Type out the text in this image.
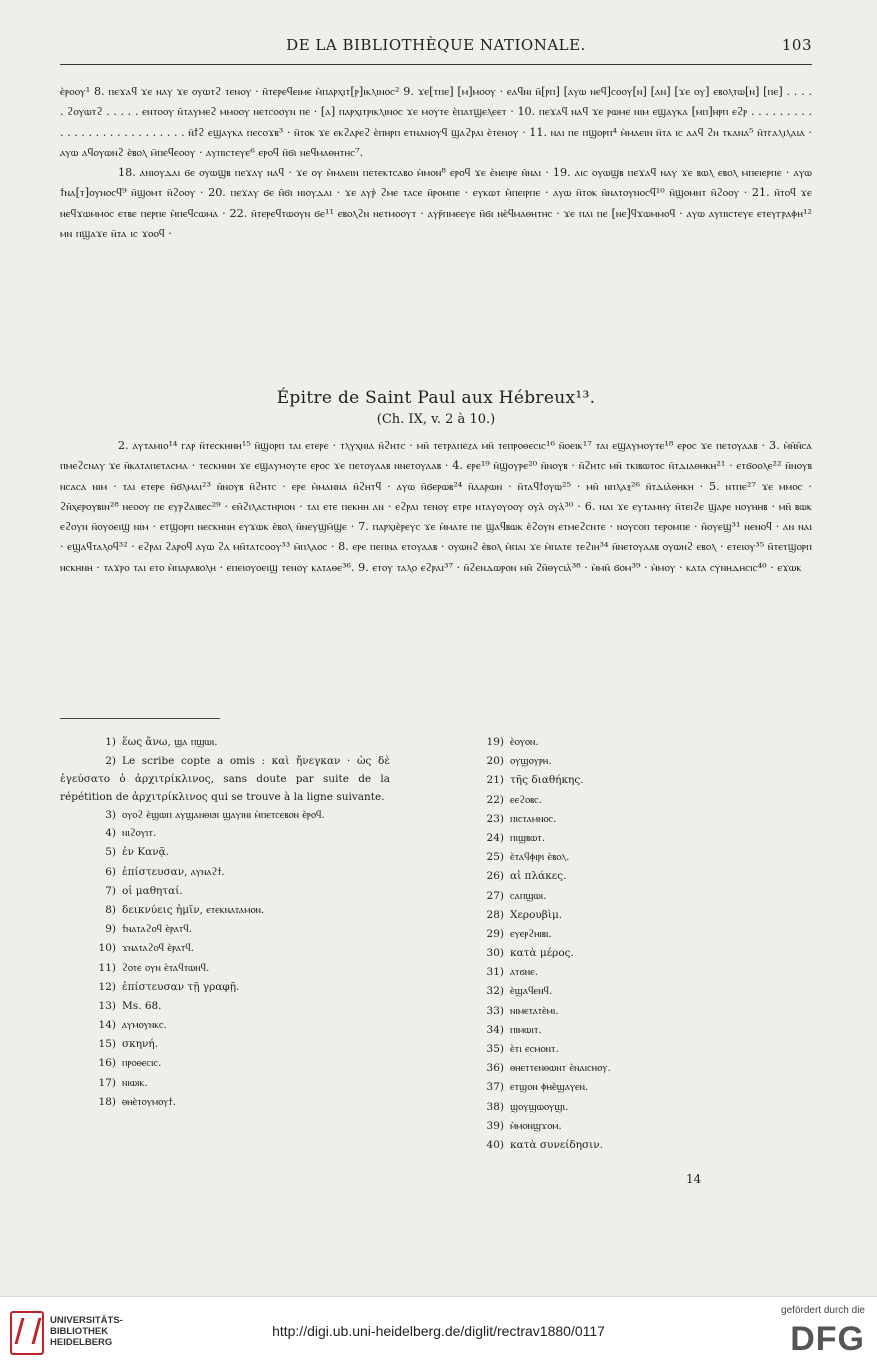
DE LA BIBLIOTHÈQUE NATIONALE.	103

ⲉ̀ⲣⲟⲟⲩ¹ 8. ⲡⲉϫⲁϥ ϫⲉ ⲛⲁⲩ ϫⲉ ⲟⲩⲱⲧϩ ⲧⲉⲛⲟⲩ · ⲛ̄ⲧⲉⲣⲉϥⲉⲓⲙⲉ ⲙ̀ⲡⲁⲣⲭⲓⲧ[ⲣ]ⲓⲕⲗⲓⲛⲟⲥ² 9. ϫⲉ[ⲧⲡⲉ] [ⲙ]ⲙⲟⲟⲩ · ⲉⲁϥⲛⲓ ⲛ̄[ⲣⲡ] [ⲁⲩⲱ ⲛⲉϥ]ⲥⲟⲟⲩ[ⲛ] [ⲁⲛ] [ϫⲉ ⲟⲩ] ⲉⲃⲟⲗⲧⲱ[ⲛ] [ⲡⲉ] . . . . . ϩⲟⲩⲱⲧϩ . . . . . ⲉⲛⲧⲟⲟⲩ ⲛ̄ⲧⲁⲩⲙⲉϩ ⲙⲙⲟⲟⲩ ⲛⲉⲧⲥⲟⲟⲩⲛ ⲡⲉ · [ⲁ] ⲡⲁⲣⲭⲓⲧⲣⲓⲕⲗⲓⲛⲟⲥ ϫⲉ ⲙⲟⲩⲧⲉ ⲉ̀ⲡⲁⲧϣⲉⲗⲉⲉⲧ · 10. ⲡⲉϫⲁϥ ⲛⲁϥ ϫⲉ ⲣⲱⲙⲉ ⲛⲓⲙ ⲉϣⲁⲩⲕⲁ [ⲙⲡ]ⲏⲣⲡ ⲉϩⲣ . . . . . . . . . . . . . . . . . . . . . . . . . . . ⲛ̄ϯϩ ⲉϣⲁⲩⲕⲁ ⲡⲉⲥⲟϫⲃ³ · ⲛ̄ⲧⲟⲕ ϫⲉ ⲉⲕϩⲁⲣⲉϩ ⲉ̀ⲡⲏⲣⲡ ⲉⲧⲛⲁⲛⲟⲩϥ ϣⲁϩⲣⲁⲓ ⲉ̀ⲧⲉⲛⲟⲩ · 11. ⲛⲁⲓ ⲡⲉ ⲡϣⲟⲣⲡ⁴ ⲙ̀ⲙⲁⲉⲓⲛ ⲛ̄ⲧⲁ ⲓⲥ ⲁⲁϥ ϩⲛ ⲧⲕⲁⲛⲁ⁵ ⲛ̄ⲧⲅⲁⲗⲓⲗⲁⲓⲁ · ⲁⲩⲱ ⲁϥⲟⲩⲱⲛϩ ⲉ̀ⲃⲟⲗ ⲙ̄ⲡⲉϥⲉⲟⲟⲩ · ⲁⲩⲡⲓⲥⲧⲉⲩⲉ⁶ ⲉⲣⲟϥ ⲛ̄ϭⲓ ⲛⲉϥⲙⲁⲑⲏⲧⲏⲥ⁷.

18. ⲁⲛⲓⲟⲩⲇⲁⲓ ϭⲉ ⲟⲩⲱϣⲃ ⲡⲉϫⲁⲩ ⲛⲁϥ · ϫⲉ ⲟⲩ ⲙ̀ⲙⲁⲉⲓⲛ ⲡⲉⲧⲉⲕⲧⲥⲁⲃⲟ ⲙ̀ⲙⲟⲛ⁸ ⲉⲣⲟϥ ϫⲉ ⲉ̀ⲛⲉⲓⲣⲉ ⲛ̄ⲛⲁⲓ · 19. ⲁⲓⲥ ⲟⲩⲱϣⲃ ⲡⲉϫⲁϥ ⲛⲁⲩ ϫⲉ ⲃⲱⲗ ⲉⲃⲟⲗ ⲙⲡⲉⲓⲉⲣⲡⲉ · ⲁⲩⲱ ϯⲛⲁ[ⲧ]ⲟⲩⲛⲟⲥϥ⁹ ⲛ̄ϣⲟⲙⲧ ⲛ̄ϩⲟⲟⲩ · 20. ⲡⲉϫⲁⲩ ϭⲉ ⲛ̄ϭⲓ ⲛⲓⲟⲩⲇⲁⲓ · ϫⲉ ⲁⲩⲣ̀ ϩⲙⲉ ⲧⲁⲥⲉ ⲛ̄ⲣⲟⲙⲡⲉ · ⲉⲩⲕⲱⲧ ⲙ̀ⲡⲉⲓⲣⲡⲉ · ⲁⲩⲱ ⲛ̄ⲧⲟⲕ ⲛ̄ⲛⲁⲧⲟⲩⲛⲟⲥϥ¹⁰ ⲛ̄ϣⲟⲙⲛⲧ ⲛ̄ϩⲟⲟⲩ · 21. ⲛ̄ⲧⲟϥ ϫⲉ ⲛⲉϥϫⲱⲙⲙⲟⲥ ⲉⲧⲃⲉ ⲡⲉⲣⲡⲉ ⲙ̀ⲡⲉϥⲥⲱⲙⲁ · 22. ⲛ̄ⲧⲉⲣⲉϥⲧⲱⲟⲩⲛ ϭⲉ¹¹ ⲉⲃⲟⲗϩⲛ ⲛⲉⲧⲙⲟⲟⲩⲧ · ⲁⲩⲣ̄ⲡⲙⲉⲉⲩⲉ ⲛ̄ϭⲓ ⲛⲉ̀ϥⲙⲁⲑⲏⲧⲏⲥ · ϫⲉ ⲡⲁⲓ ⲡⲉ [ⲛⲉ]ϥϫⲱⲙⲙⲟϥ · ⲁⲩⲱ ⲁⲩⲡⲓⲥⲧⲉⲩⲉ ⲉⲧⲉⲩⲅⲣⲁⲫⲏ¹² ⲙⲛ ⲡϣⲁϫⲉ ⲛ̄ⲧⲁ ⲓⲥ ϫⲟⲟϥ ·

Épitre de Saint Paul aux Hébreux¹³.
(Ch. IX, v. 2 à 10.)

2. ⲁⲩⲧⲁⲙⲓⲟ¹⁴ ⲅⲁⲣ ⲛ̄ⲧⲉⲥⲕⲏⲛⲏ¹⁵ ⲛ̄ϣⲟⲣⲡ ⲧⲁⲓ ⲉⲧⲉⲣⲉ · ⲧⲗⲩⲭⲛⲓⲁ ⲛ̄ϩⲏⲧⲥ · ⲙⲛ̄ ⲧⲉⲧⲣⲁⲡⲉⲍⲁ ⲙⲛ̄ ⲧⲉⲡⲣⲟⲑⲉⲥⲓⲥ¹⁶ ⲛ̄ⲟⲉⲓⲕ¹⁷ ⲧⲁⲓ ⲉϣⲁⲩⲙⲟⲩⲧⲉ¹⁸ ⲉⲣⲟⲥ ϫⲉ ⲡⲉⲧⲟⲩⲁⲁⲃ · 3. ⲙ̀ⲛ̄ⲛ̄ⲥⲁ ⲡⲙⲉϩⲥⲛⲁⲩ ϫⲉ ⲛ̄ⲕⲁⲧⲁⲡⲉⲧⲁⲥⲙⲁ · ⲧⲉⲥⲕⲏⲛⲏ ϫⲉ ⲉϣⲁⲩⲙⲟⲩⲧⲉ ⲉⲣⲟⲥ ϫⲉ ⲡⲉⲧⲟⲩⲁⲁⲃ ⲛⲛⲉⲧⲟⲩⲁⲁⲃ · 4. ⲉⲣⲉ¹⁹ ⲛ̄ϣⲟⲩⲣⲉ²⁰ ⲛ̄ⲛⲟⲩⲃ · ⲛ̄ϩⲏⲧⲥ ⲙⲛ̄ ⲧⲕⲓⲃⲱⲧⲟⲥ ⲛ̄ⲧⲇⲓⲁⲑⲏⲕⲏ²¹ · ⲉⲧϭⲟⲟⲗⲉ²² ⲛ̄ⲛⲟⲩⲃ ⲛⲥⲁⲥⲁ ⲛⲓⲙ · ⲧⲁⲓ ⲉⲧⲉⲣⲉ ⲛ̄ϭⲗⲙⲁⲓ²³ ⲛ̄ⲛⲟⲩⲃ ⲛ̄ϩⲏⲧⲥ · ⲉⲣⲉ ⲙ̀ⲙⲁⲛⲛⲁ ⲛ̄ϩⲏⲧϥ · ⲁⲩⲱ ⲛ̄ϭⲉⲣⲱⲃ²⁴ ⲛ̄ⲁⲁⲣⲱⲛ · ⲛ̄ⲧⲁϥϯⲟⲩⲱ²⁵ · ⲙⲛ̄ ⲛⲡⲗⲁⲝ²⁶ ⲛ̄ⲧⲇⲓⲁ̀ⲑⲏⲕⲏ · 5. ⲛⲧⲡⲉ²⁷ ϫⲉ ⲙⲙⲟⲥ · ϩⲛ̄ⲭⲉⲣⲟⲩⲃⲓⲛ²⁸ ⲛⲉⲟⲟⲩ ⲡⲉ ⲉⲩⲣϩⲁⲓⲃⲉⲥ²⁹ · ⲉⲛ̄ϩⲓⲗⲁⲥⲧⲏⲣⲓⲟⲛ · ⲧⲁⲓ ⲉⲧⲉ ⲡⲉⲕⲏⲏ ⲁⲛ · ⲉϩⲣⲁⲓ ⲧⲉⲛⲟⲩ ⲉⲧⲣⲉ ⲛⲧⲁⲩⲟⲩⲟⲟⲩ ⲟⲩⲁ̀ ⲟⲩⲁ̀³⁰ · 6. ⲛⲁⲓ ϫⲉ ⲉⲩⲧⲁⲙⲏⲩ ⲛ̄ⲧⲉⲓϩⲉ ϣⲁⲣⲉ ⲛⲟⲩⲏⲏⲃ · ⲙⲛ̄ ⲃⲱⲕ ⲉϩⲟⲩⲛ ⲛ̄ⲟⲩⲟⲉⲓϣ ⲛⲓⲙ · ⲉⲧϣⲟⲣⲡ ⲛⲉⲥⲕⲏⲛⲏ ⲉⲩϫⲱⲕ ⲉ̀ⲃⲟⲗ ⲛ̄ⲛⲉⲩϣⲙ̄ϣⲉ · 7. ⲡⲁⲣⲭⲓⲉ̀ⲣⲉⲩⲥ ϫⲉ ⲙ̀ⲙⲁⲧⲉ ⲡⲉ ϣⲁϥⲃⲱⲕ ⲉ̀ϩⲟⲩⲛ ⲉⲧⲙⲉϩⲥⲛⲧⲉ · ⲛⲟⲩⲥⲟⲡ ⲧⲉⲣⲟⲙⲡⲉ · ⲛ̄ⲟⲩⲉϣ³¹ ⲛⲉⲛⲟϥ · ⲁⲛ ⲛⲁⲓ · ⲉϣⲁϥⲧⲁⲗⲟϥ³² · ⲉϩⲣⲁⲓ ϩⲁⲣⲟϥ ⲁⲩⲱ ϩⲁ ⲙⲛ̄ⲧⲁⲧⲥⲟⲟⲩ³³ ⲙ̄ⲡⲗⲁⲟⲥ · 8. ⲉⲣⲉ ⲡⲉⲡⲛⲁ ⲉⲧⲟⲩⲁⲁⲃ · ⲟⲩⲱⲛϩ ⲉ̀ⲃⲟⲗ ⲙ̀ⲡⲁⲓ ϫⲉ ⲙ̀ⲡⲁⲧⲉ ⲧⲉϩⲓⲏ³⁴ ⲛ̄ⲛⲉⲧⲟⲩⲁⲁⲃ ⲟⲩⲱⲛϩ ⲉⲃⲟⲗ · ⲉⲧⲉⲓⲟⲩ³⁵ ⲛ̄ⲧⲉⲧϣⲟⲣⲡ ⲛⲥⲕⲏⲛⲏ · ⲧⲁϫⲣⲟ ⲧⲁⲓ ⲉⲧⲟ ⲙ̀ⲡⲁⲣⲁⲃⲟⲗⲏ · ⲉⲡⲉⲓⲟⲩⲟⲉⲓϣ ⲧⲉⲛⲟⲩ ⲕⲁⲧⲁⲑⲉ³⁶. 9. ⲉⲧⲟⲩ ⲧⲁⲗⲟ ⲉϩⲣⲁⲓ³⁷ · ⲛ̄ϩⲉⲛⲇⲱⲣⲟⲛ ⲙⲛ̄ ϩⲛ̄ⲑⲩⲥⲓⲁ̀³⁸ · ⲙ̀ⲙⲛ̄ ϭⲟⲙ³⁹ · ⲙ̀ⲙⲟⲩ · ⲕⲁⲧⲁ ⲥⲩⲛⲏⲇⲏⲥⲓⲥ⁴⁰ · ⲉϫⲱⲕ

1) ἕως ἄνω, ϣⲁ ⲡϣⲱⲓ.
2) Le scribe copte a omis : καὶ ἤνεγκαν · ὡς δὲ ἐγεύσατο ὁ ἀρχιτρίκλινος, sans doute par suite de la répétition de ἀρχιτρίκλινος qui se trouve à la ligne suivante.
3) ⲟⲩⲟϩ ⲉ̀ϣⲱⲡ ⲁⲩϣⲁⲛⲑⲓϧⲓ ϣⲁⲩⲓⲛⲓ ⲙ̀ⲡⲉⲧⲥⲉⲃⲟⲛ ⲉ̀ⲣⲟϥ.
4) ⲛⲓϩⲟⲩⲓⲧ.
5) ἐν Κανᾷ.
6) ἐπίστευσαν, ⲁⲩⲛⲁϩϯ.
7) οἱ μαθηταί.
8) δεικνύεις ἡμῖν, ⲉⲧⲉⲕⲛⲁⲧⲁⲙⲟⲛ.
9) ϯⲛⲁⲧⲁϩⲟϥ ⲉ̀ⲣⲁⲧϥ.
10) ϫⲛⲁⲧⲁϩⲟϥ ⲉ̀ⲣⲁⲧϥ.
11) ϩⲟⲧⲉ ⲟⲩⲛ ⲉ̀ⲧⲁϥⲧⲱⲛϥ.
12) ἐπίστευσαν τῇ γραφῇ.
13) Ms. 68.
14) ⲁⲩⲙⲟⲩⲛⲕⲥ.
15) σκηνή.
16) ⲡⲣⲟⲑⲉⲥⲓⲥ.
17) ⲛⲓⲱⲓⲕ.
18) ⲑⲏⲉ̀ⲧⲟⲩⲙⲟⲩϯ.
19) ⲉ̀ⲟⲩⲟⲛ.
20) ⲟⲩϣⲟⲩⲣⲏ.
21) τῆς διαθήκης.
22) ⲉⲉϩⲟⲃⲥ.
23) ⲡⲓⲥⲧⲁⲙⲛⲟⲥ.
24) ⲡⲓϣⲃⲱⲧ.
25) ⲉ̀ⲧⲁϥⲫⲓⲣⲓ ⲉ̀ⲃⲟⲗ.
26) αἱ πλάκες.
27) ⲥⲁⲡϣⲱⲓ.
28) Χερουβὶμ.
29) ⲉⲩⲉⲣϩⲏⲓⲃⲓ.
30) κατὰ μέρος.
31) ⲁⲧϭⲛⲉ.
32) ⲉ̀ϣⲁϥⲉⲛϥ.
33) ⲛⲓⲙⲉⲧⲁⲧⲉ̀ⲙⲓ.
34) ⲡⲓⲙⲱⲓⲧ.
35) ⲉ̀ⲧⲓ ⲉⲥⲙⲟⲛⲧ.
36) ⲑⲏⲉⲧⲧⲉⲛⲑⲱⲛⲧ ⲉ̀ⲛⲁⲓⲥⲏⲟⲩ.
37) ⲉⲧϣⲟⲛ ⲫⲏⲉ̀ϣⲁⲩⲉⲛ.
38) ϣⲟⲩϣⲱⲟⲩϣⲓ.
39) ⲙ̀ⲙⲟⲛϣϫⲟⲙ.
40) κατὰ συνείδησιν.
14
UNIVERSITÄTS-
BIBLIOTHEK
HEIDELBERG
http://digi.ub.uni-heidelberg.de/diglit/rectrav1880/0117
gefördert durch die
DFG
